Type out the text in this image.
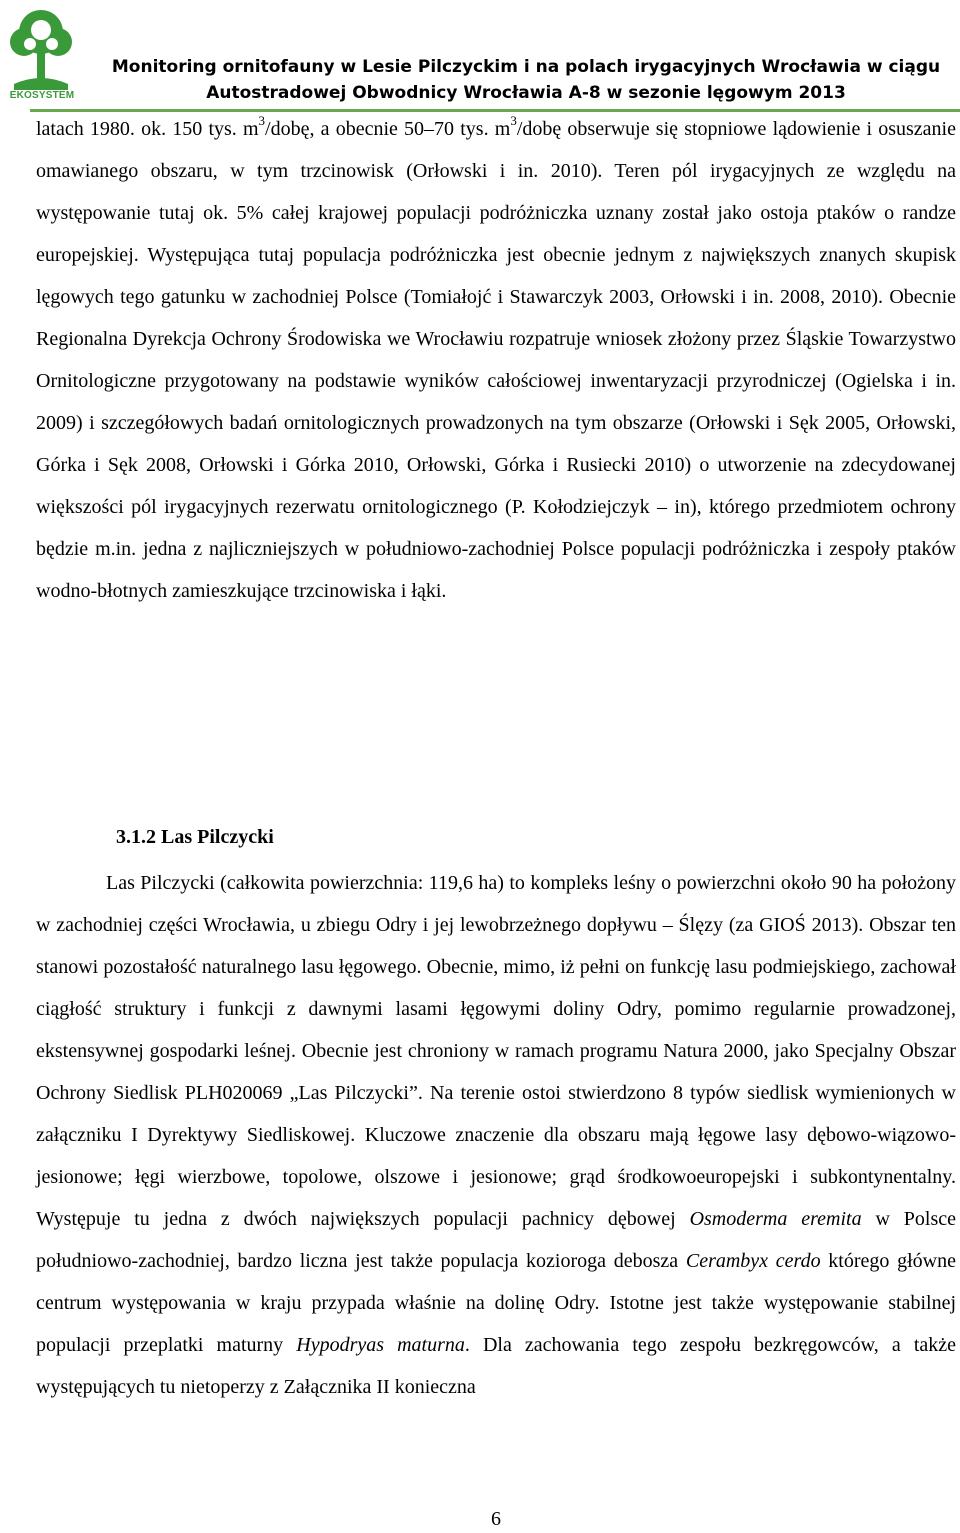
EKOSYSTEM
Monitoring ornitofauny w Lesie Pilczyckim i na polach irygacyjnych Wrocławia w ciągu
Autostradowej Obwodnicy Wrocławia A-8 w sezonie lęgowym 2013

latach 1980. ok. 150 tys. $m^3$/dobę, a obecnie 50–70 tys. $m^3$/dobę obserwuje się stopniowe lądowienie i osuszanie omawianego obszaru, w tym trzcinowisk (Orłowski i in. 2010). Teren pól irygacyjnych ze względu na występowanie tutaj ok. 5% całej krajowej populacji podróżniczka uznany został jako ostoja ptaków o randze europejskiej. Występująca tutaj populacja podróżniczka jest obecnie jednym z największych znanych skupisk lęgowych tego gatunku w zachodniej Polsce (Tomiałojć i Stawarczyk 2003, Orłowski i in. 2008, 2010). Obecnie Regionalna Dyrekcja Ochrony Środowiska we Wrocławiu rozpatruje wniosek złożony przez Śląskie Towarzystwo Ornitologiczne przygotowany na podstawie wyników całościowej inwentaryzacji przyrodniczej (Ogielska i in. 2009) i szczegółowych badań ornitologicznych prowadzonych na tym obszarze (Orłowski i Sęk 2005, Orłowski, Górka i Sęk 2008, Orłowski i Górka 2010, Orłowski, Górka i Rusiecki 2010) o utworzenie na zdecydowanej większości pól irygacyjnych rezerwatu ornitologicznego (P. Kołodziejczyk – in), którego przedmiotem ochrony będzie m.in. jedna z najliczniejszych w południowo-zachodniej Polsce populacji podróżniczka i zespoły ptaków wodno-błotnych zamieszkujące trzcinowiska i łąki.

3.1.2 Las Pilczycki

Las Pilczycki (całkowita powierzchnia: 119,6 ha) to kompleks leśny o powierzchni około 90 ha położony w zachodniej części Wrocławia, u zbiegu Odry i jej lewobrzeżnego dopływu – Ślęzy (za GIOŚ 2013). Obszar ten stanowi pozostałość naturalnego lasu łęgowego. Obecnie, mimo, iż pełni on funkcję lasu podmiejskiego, zachował ciągłość struktury i funkcji z dawnymi lasami łęgowymi doliny Odry, pomimo regularnie prowadzonej, ekstensywnej gospodarki leśnej. Obecnie jest chroniony w ramach programu Natura 2000, jako Specjalny Obszar Ochrony Siedlisk PLH020069 „Las Pilczycki”. Na terenie ostoi stwierdzono 8 typów siedlisk wymienionych w załączniku I Dyrektywy Siedliskowej. Kluczowe znaczenie dla obszaru mają łęgowe lasy dębowo-wiązowo-jesionowe; łęgi wierzbowe, topolowe, olszowe i jesionowe; grąd środkowoeuropejski i subkontynentalny. Występuje tu jedna z dwóch największych populacji pachnicy dębowej Osmoderma eremita w Polsce południowo-zachodniej, bardzo liczna jest także populacja kozioroga debosza Cerambyx cerdo którego główne centrum występowania w kraju przypada właśnie na dolinę Odry. Istotne jest także występowanie stabilnej populacji przeplatki maturny Hypodryas maturna. Dla zachowania tego zespołu bezkręgowców, a także występujących tu nietoperzy z Załącznika II konieczna

6
